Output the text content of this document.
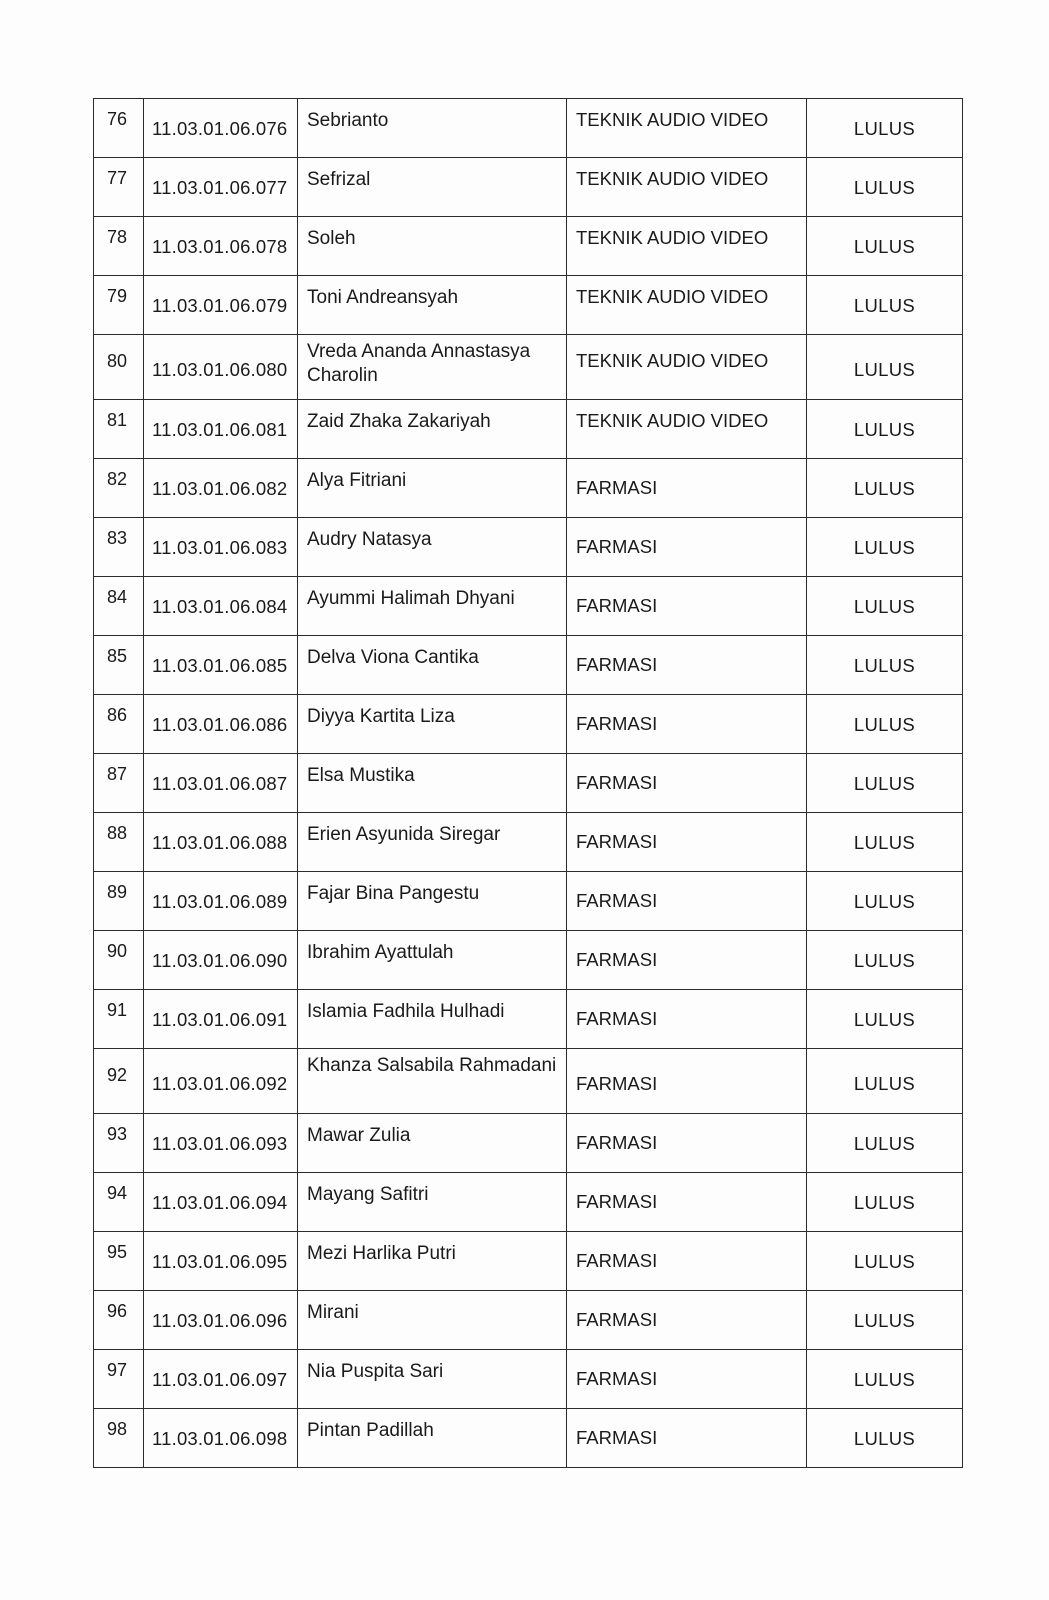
76	11.03.01.06.076	Sebrianto	TEKNIK AUDIO VIDEO	LULUS

77	11.03.01.06.077	Sefrizal	TEKNIK AUDIO VIDEO	LULUS

78	11.03.01.06.078	Soleh	TEKNIK AUDIO VIDEO	LULUS

79	11.03.01.06.079	Toni Andreansyah	TEKNIK AUDIO VIDEO	LULUS

80	11.03.01.06.080	Vreda Ananda Annastasya Charolin	TEKNIK AUDIO VIDEO	LULUS

81	11.03.01.06.081	Zaid Zhaka Zakariyah	TEKNIK AUDIO VIDEO	LULUS

82	11.03.01.06.082	Alya Fitriani	FARMASI	LULUS

83	11.03.01.06.083	Audry Natasya	FARMASI	LULUS

84	11.03.01.06.084	Ayummi Halimah Dhyani	FARMASI	LULUS

85	11.03.01.06.085	Delva Viona Cantika	FARMASI	LULUS

86	11.03.01.06.086	Diyya Kartita Liza	FARMASI	LULUS

87	11.03.01.06.087	Elsa Mustika	FARMASI	LULUS

88	11.03.01.06.088	Erien Asyunida Siregar	FARMASI	LULUS

89	11.03.01.06.089	Fajar Bina Pangestu	FARMASI	LULUS

90	11.03.01.06.090	Ibrahim Ayattulah	FARMASI	LULUS

91	11.03.01.06.091	Islamia Fadhila Hulhadi	FARMASI	LULUS

92	11.03.01.06.092	Khanza Salsabila Rahmadani	FARMASI	LULUS

93	11.03.01.06.093	Mawar Zulia	FARMASI	LULUS

94	11.03.01.06.094	Mayang Safitri	FARMASI	LULUS

95	11.03.01.06.095	Mezi Harlika Putri	FARMASI	LULUS

96	11.03.01.06.096	Mirani	FARMASI	LULUS

97	11.03.01.06.097	Nia Puspita Sari	FARMASI	LULUS

98	11.03.01.06.098	Pintan Padillah	FARMASI	LULUS
